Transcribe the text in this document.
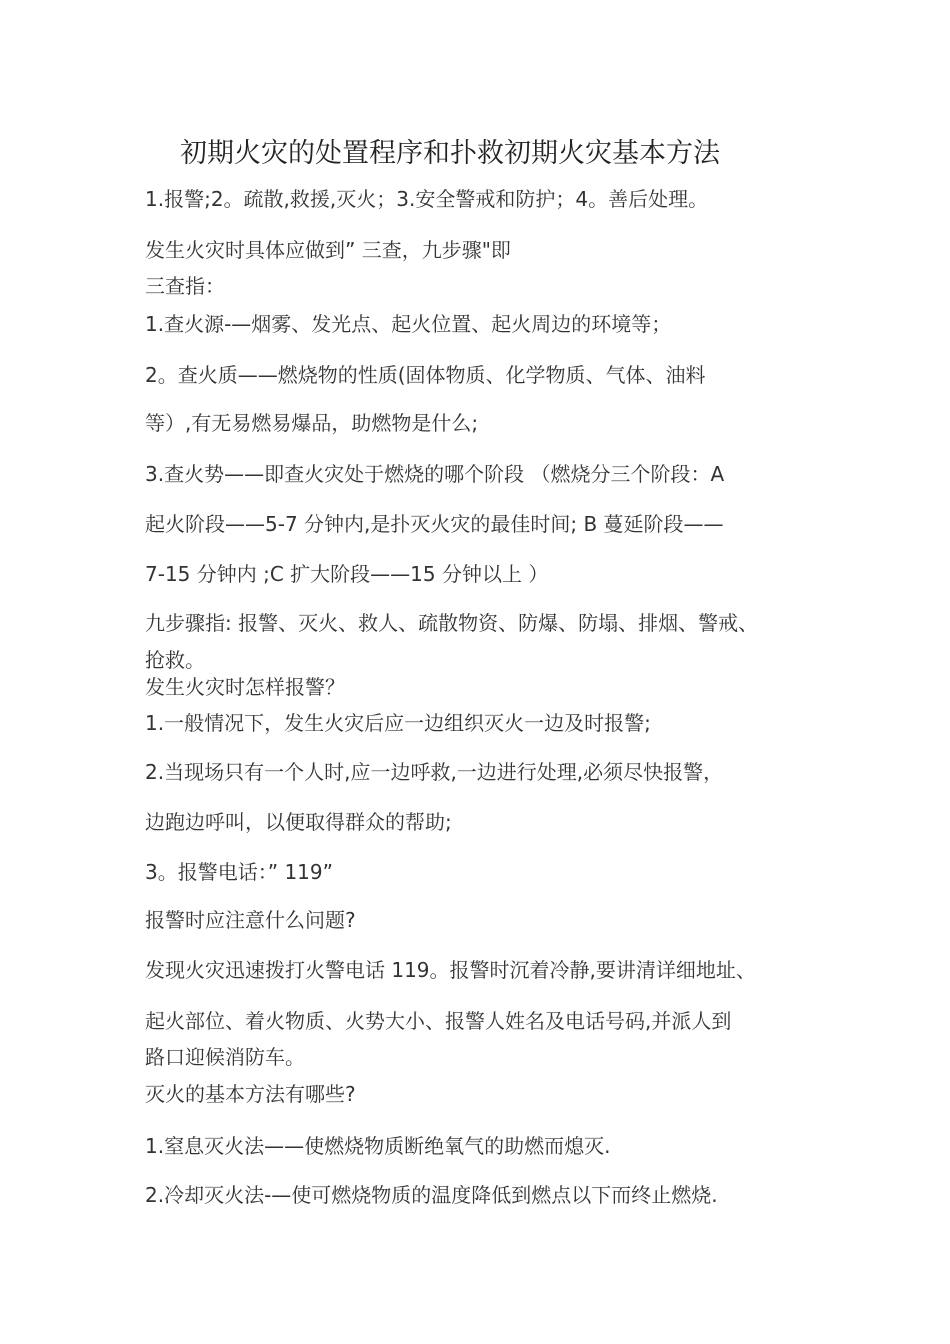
初期火灾的处置程序和扑救初期火灾基本方法
1.报警;2。疏散,救援,灭火；3.安全警戒和防护；4。善后处理。
发生火灾时具体应做到” 三查，九步骤"即
三查指：
1.查火源-—烟雾、发光点、起火位置、起火周边的环境等；
2。查火质——燃烧物的性质(固体物质、化学物质、气体、油料
等）,有无易燃易爆品，助燃物是什么;
3.查火势——即查火灾处于燃烧的哪个阶段 （燃烧分三个阶段：A
起火阶段——5-7 分钟内,是扑灭火灾的最佳时间; B 蔓延阶段——
7-15 分钟内 ;C 扩大阶段——15 分钟以上 ）
九步骤指: 报警、灭火、救人、疏散物资、防爆、防塌、排烟、警戒、
抢救。
发生火灾时怎样报警？
1.一般情况下，发生火灾后应一边组织灭火一边及时报警;
2.当现场只有一个人时,应一边呼救,一边进行处理,必须尽快报警，
边跑边呼叫，以便取得群众的帮助;
3。报警电话：” 119”
报警时应注意什么问题?
发现火灾迅速拨打火警电话 119。报警时沉着冷静,要讲清详细地址、
起火部位、着火物质、火势大小、报警人姓名及电话号码,并派人到
路口迎候消防车。
灭火的基本方法有哪些?
1.窒息灭火法——使燃烧物质断绝氧气的助燃而熄灭.
2.冷却灭火法-—使可燃烧物质的温度降低到燃点以下而终止燃烧.
